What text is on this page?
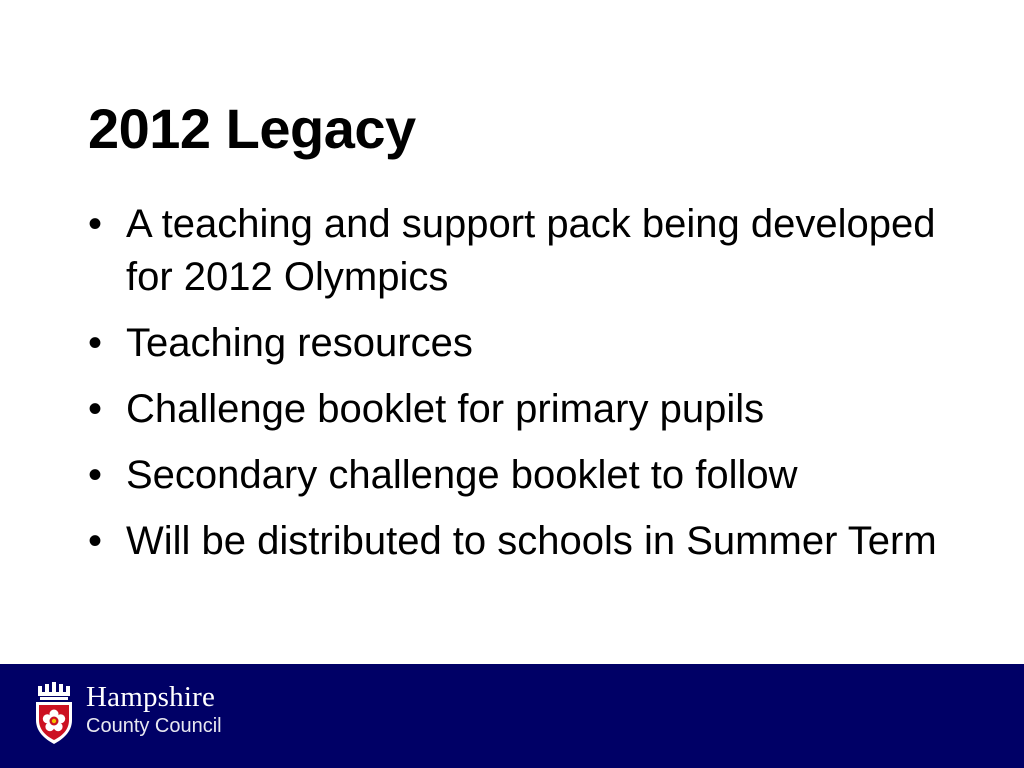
2012 Legacy
• A teaching and support pack being developed for 2012 Olympics
• Teaching resources
• Challenge booklet for primary pupils
• Secondary challenge booklet to follow
• Will be distributed to schools in Summer Term
Hampshire
County Council
